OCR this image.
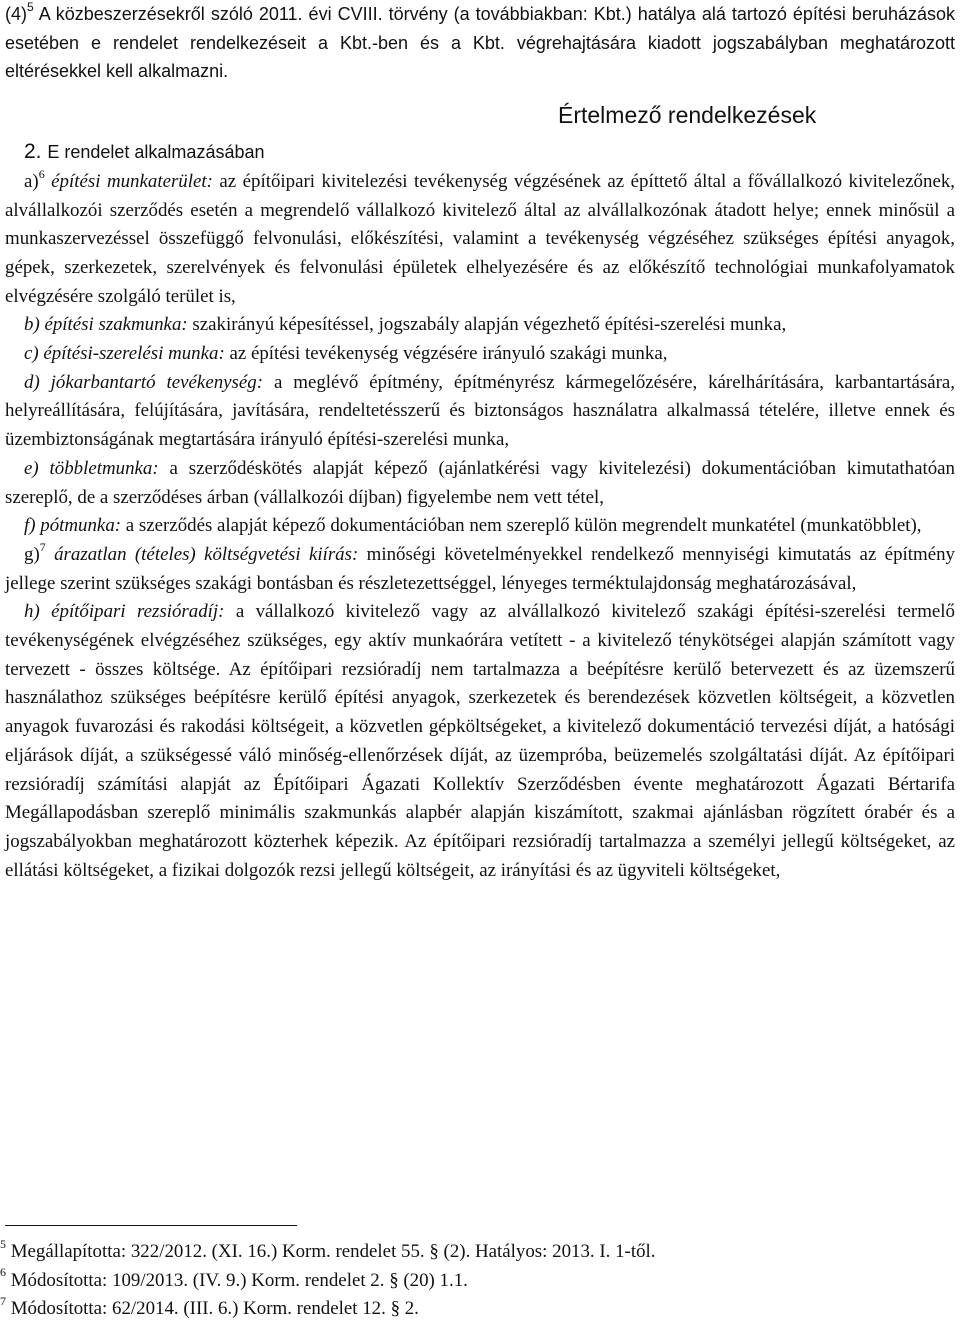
$(4)^5$ A közbeszerzésekről szóló 2011. évi CVIII. törvény (a továbbiakban: Kbt.) hatálya alá tartozó építési beruházások esetében e rendelet rendelkezéseit a Kbt.-ben és a Kbt. végrehajtására kiadott jogszabályban meghatározott eltérésekkel kell alkalmazni.

Értelmező rendelkezések

2. E rendelet alkalmazásában

a)$^6$ építési munkaterület: az építőipari kivitelezési tevékenység végzésének az építtető által a fővállalkozó kivitelezőnek, alvállalkozói szerződés esetén a megrendelő vállalkozó kivitelező által az alvállalkozónak átadott helye; ennek minősül a munkaszervezéssel összefüggő felvonulási, előkészítési, valamint a tevékenység végzéséhez szükséges építési anyagok, gépek, szerkezetek, szerelvények és felvonulási épületek elhelyezésére és az előkészítő technológiai munkafolyamatok elvégzésére szolgáló terület is,

b) építési szakmunka: szakirányú képesítéssel, jogszabály alapján végezhető építési-szerelési munka,

c) építési-szerelési munka: az építési tevékenység végzésére irányuló szakági munka,

d) jókarbantartó tevékenység: a meglévő építmény, építményrész kármegelőzésére, kárelhárítására, karbantartására, helyreállítására, felújítására, javítására, rendeltetésszerű és biztonságos használatra alkalmassá tételére, illetve ennek és üzembiztonságának megtartására irányuló építési-szerelési munka,

e) többletmunka: a szerződéskötés alapját képező (ajánlatkérési vagy kivitelezési) dokumentációban kimutathatóan szereplő, de a szerződéses árban (vállalkozói díjban) figyelembe nem vett tétel,

f) pótmunka: a szerződés alapját képező dokumentációban nem szereplő külön megrendelt munkatétel (munkatöbblet),

g)$^7$ árazatlan (tételes) költségvetési kiírás: minőségi követelményekkel rendelkező mennyiségi kimutatás az építmény jellege szerint szükséges szakági bontásban és részletezettséggel, lényeges terméktulajdonság meghatározásával,

h) építőipari rezsióradíj: a vállalkozó kivitelező vagy az alvállalkozó kivitelező szakági építési-szerelési termelő tevékenységének elvégzéséhez szükséges, egy aktív munkaórára vetített - a kivitelező ténykötségei alapján számított vagy tervezett - összes költsége. Az építőipari rezsióradíj nem tartalmazza a beépítésre kerülő betervezett és az üzemszerű használathoz szükséges beépítésre kerülő építési anyagok, szerkezetek és berendezések közvetlen költségeit, a közvetlen anyagok fuvarozási és rakodási költségeit, a közvetlen gépköltségeket, a kivitelező dokumentáció tervezési díját, a hatósági eljárások díját, a szükségessé váló minőség-ellenőrzések díját, az üzempróba, beüzemelés szolgáltatási díját. Az építőipari rezsióradíj számítási alapját az Építőipari Ágazati Kollektív Szerződésben évente meghatározott Ágazati Bértarifa Megállapodásban szereplő minimális szakmunkás alapbér alapján kiszámított, szakmai ajánlásban rögzített órabér és a jogszabályokban meghatározott közterhek képezik. Az építőipari rezsióradíj tartalmazza a személyi jellegű költségeket, az ellátási költségeket, a fizikai dolgozók rezsi jellegű költségeit, az irányítási és az ügyviteli költségeket,

$^5$ Megállapította: 322/2012. (XI. 16.) Korm. rendelet 55. § (2). Hatályos: 2013. I. 1-től.
$^6$ Módosította: 109/2013. (IV. 9.) Korm. rendelet 2. § (20) 1.1.
$^7$ Módosította: 62/2014. (III. 6.) Korm. rendelet 12. § 2.
